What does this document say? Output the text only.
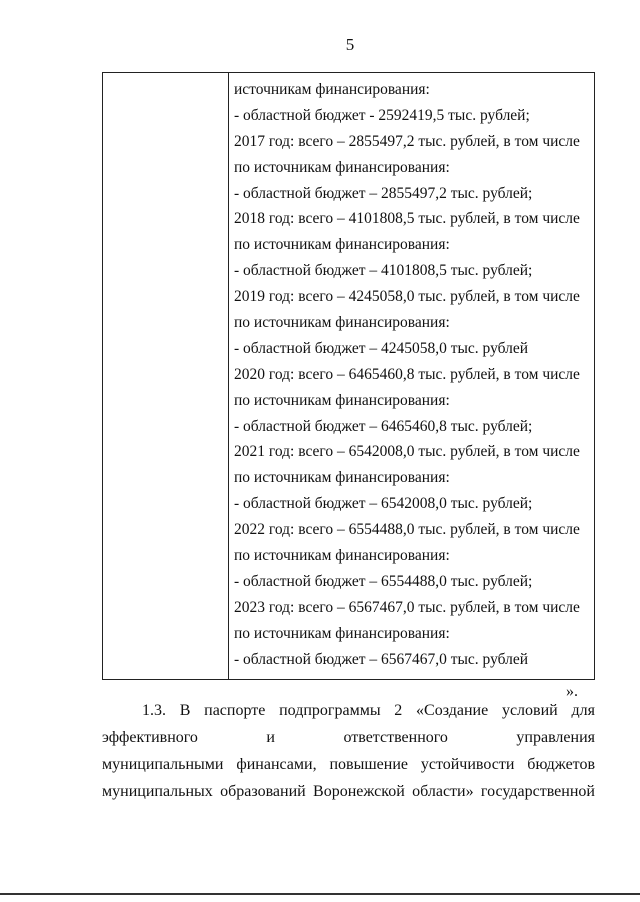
5
источникам финансирования:
- областной бюджет - 2592419,5 тыс. рублей;
2017 год: всего – 2855497,2 тыс. рублей, в том числе
по источникам финансирования:
- областной бюджет – 2855497,2 тыс. рублей;
2018 год: всего – 4101808,5 тыс. рублей, в том числе
по источникам финансирования:
- областной бюджет – 4101808,5 тыс. рублей;
2019 год: всего – 4245058,0 тыс. рублей, в том числе
по источникам финансирования:
- областной бюджет – 4245058,0 тыс. рублей
2020 год: всего – 6465460,8 тыс. рублей, в том числе
по источникам финансирования:
- областной бюджет – 6465460,8 тыс. рублей;
2021 год: всего – 6542008,0 тыс. рублей, в том числе
по источникам финансирования:
- областной бюджет – 6542008,0 тыс. рублей;
2022 год: всего – 6554488,0 тыс. рублей, в том числе
по источникам финансирования:
- областной бюджет – 6554488,0 тыс. рублей;
2023 год: всего – 6567467,0 тыс. рублей, в том числе
по источникам финансирования:
- областной бюджет – 6567467,0 тыс. рублей
».
1.3. В паспорте подпрограммы 2 «Создание условий для
эффективного	и	ответственного	управления
муниципальными финансами, повышение устойчивости бюджетов
муниципальных образований Воронежской области» государственной
